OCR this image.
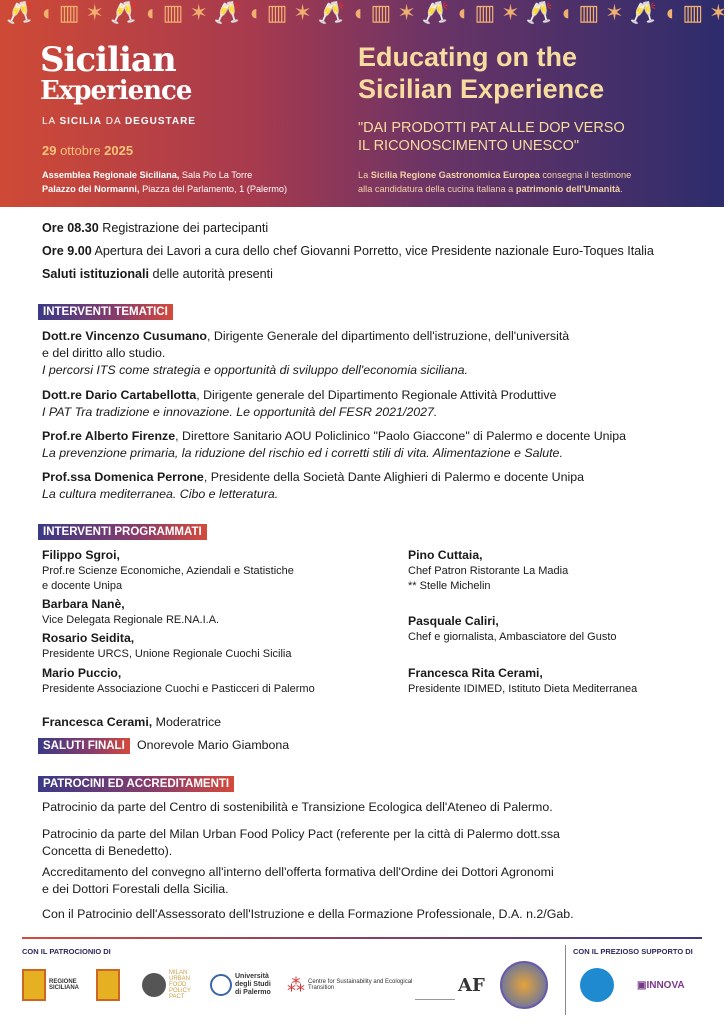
🥂 ◖ ▥ ✶ 🥂 ◖ ▥ ✶ 🥂 ◖ ▥ ✶ 🥂 ◖ ▥ ✶ 🥂 ◖ ▥ ✶ 🥂 ◖ ▥ ✶ 🥂 ◖ ▥ ✶
Sicilian
Experience
LA SICILIA DA DEGUSTARE
29 ottobre 2025
Assemblea Regionale Siciliana, Sala Pio La Torre
Palazzo dei Normanni, Piazza del Parlamento, 1 (Palermo)
Educating on the
Sicilian Experience
"DAI PRODOTTI PAT ALLE DOP VERSO
IL RICONOSCIMENTO UNESCO"
La Sicilia Regione Gastronomica Europea consegna il testimone
alla candidatura della cucina italiana a patrimonio dell'Umanità.
Ore 08.30 Registrazione dei partecipanti
Ore 9.00 Apertura dei Lavori a cura dello chef Giovanni Porretto, vice Presidente nazionale Euro-Toques Italia
Saluti istituzionali delle autorità presenti
INTERVENTI TEMATICI
Dott.re Vincenzo Cusumano, Dirigente Generale del dipartimento dell'istruzione, dell'università
e del diritto allo studio.
I percorsi ITS come strategia e opportunità di sviluppo dell'economia siciliana.
Dott.re Dario Cartabellotta, Dirigente generale del Dipartimento Regionale Attività Produttive
I PAT Tra tradizione e innovazione. Le opportunità del FESR 2021/2027.
Prof.re Alberto Firenze, Direttore Sanitario AOU Policlinico "Paolo Giaccone" di Palermo e docente Unipa
La prevenzione primaria, la riduzione del rischio ed i corretti stili di vita. Alimentazione e Salute.
Prof.ssa Domenica Perrone, Presidente della Società Dante Alighieri di Palermo e docente Unipa
La cultura mediterranea. Cibo e letteratura.
INTERVENTI PROGRAMMATI
Filippo Sgroi,
Prof.re Scienze Economiche, Aziendali e Statistiche
e docente Unipa
Barbara Nanè,
Vice Delegata Regionale RE.NA.I.A.
Rosario Seidita,
Presidente URCS, Unione Regionale Cuochi Sicilia
Mario Puccio,
Presidente Associazione Cuochi e Pasticceri di Palermo
Pino Cuttaia,
Chef Patron Ristorante La Madia
** Stelle Michelin
Pasquale Caliri,
Chef e giornalista, Ambasciatore del Gusto
Francesca Rita Cerami,
Presidente IDIMED, Istituto Dieta Mediterranea
Francesca Cerami, Moderatrice
SALUTI FINALI Onorevole Mario Giambona
PATROCINI ED ACCREDITAMENTI
Patrocinio da parte del Centro di sostenibilità e Transizione Ecologica dell'Ateneo di Palermo.
Patrocinio da parte del Milan Urban Food Policy Pact (referente per la città di Palermo dott.ssa
Concetta di Benedetto).
Accreditamento del convegno all'interno dell'offerta formativa dell'Ordine dei Dottori Agronomi
e dei Dottori Forestali della Sicilia.
Con il Patrocinio dell'Assessorato dell'Istruzione e della Formazione Professionale, D.A. n.2/Gab.
CON IL PATROCIONIO DI	CON IL PREZIOSO SUPPORTO DI
REGIONE
SICILIANA
MILAN
URBAN
FOOD
POLICY
PACT
Università
degli Studi
di Palermo ⁂ Centre for Sustainability and Ecological
Transition	AF	▣INNOVA
